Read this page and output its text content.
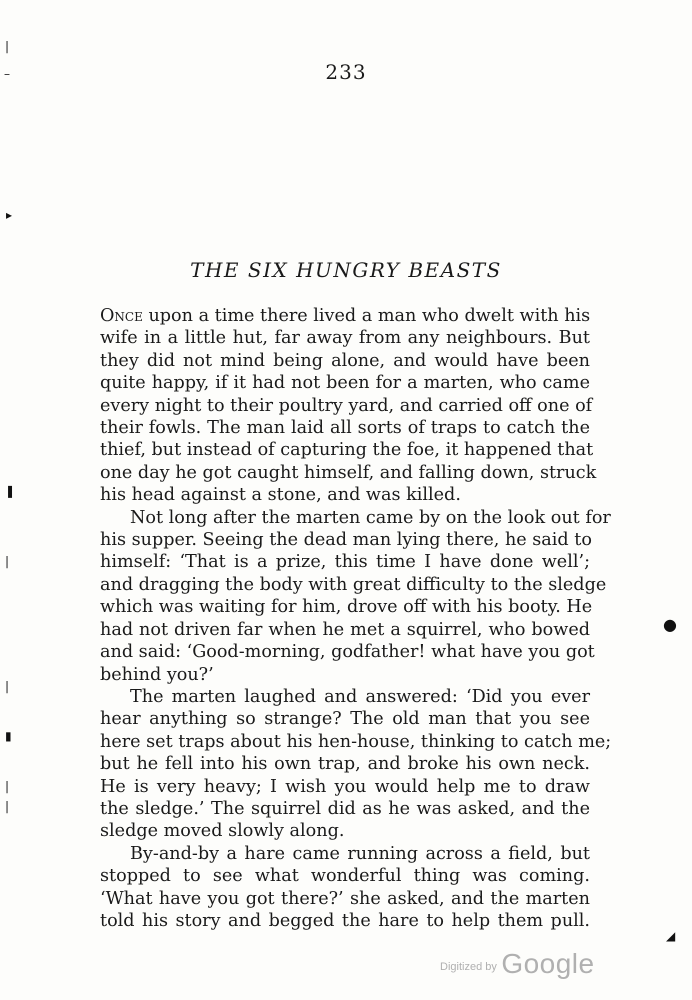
233
THE SIX HUNGRY BEASTS
Once upon a time there lived a man who dwelt with his
wife in a little hut, far away from any neighbours. But
they did not mind being alone, and would have been
quite happy, if it had not been for a marten, who came
every night to their poultry yard, and carried off one of
their fowls. The man laid all sorts of traps to catch the
thief, but instead of capturing the foe, it happened that
one day he got caught himself, and falling down, struck
his head against a stone, and was killed.
Not long after the marten came by on the look out for
his supper. Seeing the dead man lying there, he said to
himself: ‘That is a prize, this time I have done well’;
and dragging the body with great difficulty to the sledge
which was waiting for him, drove off with his booty. He
had not driven far when he met a squirrel, who bowed
and said: ‘Good-morning, godfather! what have you got
behind you?’
The marten laughed and answered: ‘Did you ever
hear anything so strange? The old man that you see
here set traps about his hen-house, thinking to catch me;
but he fell into his own trap, and broke his own neck.
He is very heavy; I wish you would help me to draw
the sledge.’ The squirrel did as he was asked, and the
sledge moved slowly along.
By-and-by a hare came running across a field, but
stopped to see what wonderful thing was coming.
‘What have you got there?’ she asked, and the marten
told his story and begged the hare to help them pull.
|
–
▸
❚
|
|
▮
|
|
●
◢
Digitized by Google
